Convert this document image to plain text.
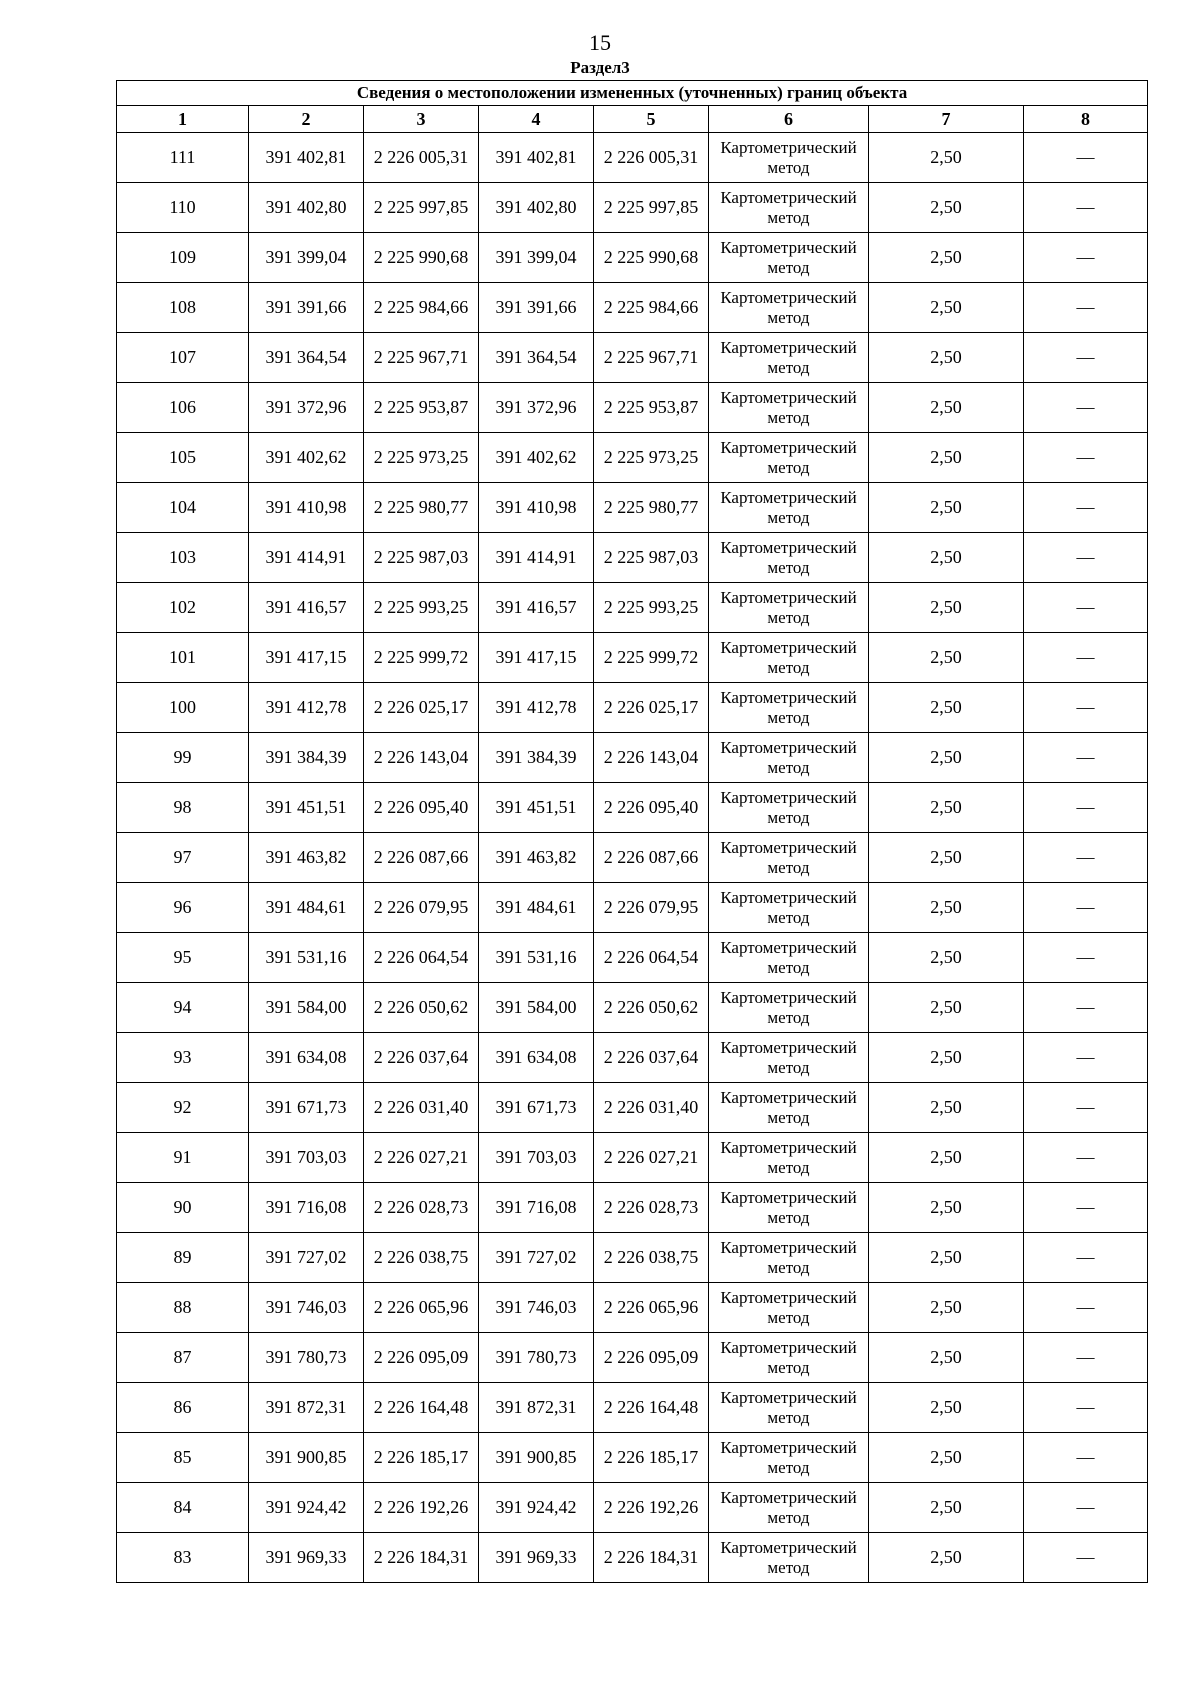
15
Раздел3
Сведения о местоположении измененных (уточненных) границ объекта							
1	2	3	4	5	6	7	8
111	391 402,81	2 226 005,31	391 402,81	2 226 005,31	Картометрический метод	2,50	—
110	391 402,80	2 225 997,85	391 402,80	2 225 997,85	Картометрический метод	2,50	—
109	391 399,04	2 225 990,68	391 399,04	2 225 990,68	Картометрический метод	2,50	—
108	391 391,66	2 225 984,66	391 391,66	2 225 984,66	Картометрический метод	2,50	—
107	391 364,54	2 225 967,71	391 364,54	2 225 967,71	Картометрический метод	2,50	—
106	391 372,96	2 225 953,87	391 372,96	2 225 953,87	Картометрический метод	2,50	—
105	391 402,62	2 225 973,25	391 402,62	2 225 973,25	Картометрический метод	2,50	—
104	391 410,98	2 225 980,77	391 410,98	2 225 980,77	Картометрический метод	2,50	—
103	391 414,91	2 225 987,03	391 414,91	2 225 987,03	Картометрический метод	2,50	—
102	391 416,57	2 225 993,25	391 416,57	2 225 993,25	Картометрический метод	2,50	—
101	391 417,15	2 225 999,72	391 417,15	2 225 999,72	Картометрический метод	2,50	—
100	391 412,78	2 226 025,17	391 412,78	2 226 025,17	Картометрический метод	2,50	—
99	391 384,39	2 226 143,04	391 384,39	2 226 143,04	Картометрический метод	2,50	—
98	391 451,51	2 226 095,40	391 451,51	2 226 095,40	Картометрический метод	2,50	—
97	391 463,82	2 226 087,66	391 463,82	2 226 087,66	Картометрический метод	2,50	—
96	391 484,61	2 226 079,95	391 484,61	2 226 079,95	Картометрический метод	2,50	—
95	391 531,16	2 226 064,54	391 531,16	2 226 064,54	Картометрический метод	2,50	—
94	391 584,00	2 226 050,62	391 584,00	2 226 050,62	Картометрический метод	2,50	—
93	391 634,08	2 226 037,64	391 634,08	2 226 037,64	Картометрический метод	2,50	—
92	391 671,73	2 226 031,40	391 671,73	2 226 031,40	Картометрический метод	2,50	—
91	391 703,03	2 226 027,21	391 703,03	2 226 027,21	Картометрический метод	2,50	—
90	391 716,08	2 226 028,73	391 716,08	2 226 028,73	Картометрический метод	2,50	—
89	391 727,02	2 226 038,75	391 727,02	2 226 038,75	Картометрический метод	2,50	—
88	391 746,03	2 226 065,96	391 746,03	2 226 065,96	Картометрический метод	2,50	—
87	391 780,73	2 226 095,09	391 780,73	2 226 095,09	Картометрический метод	2,50	—
86	391 872,31	2 226 164,48	391 872,31	2 226 164,48	Картометрический метод	2,50	—
85	391 900,85	2 226 185,17	391 900,85	2 226 185,17	Картометрический метод	2,50	—
84	391 924,42	2 226 192,26	391 924,42	2 226 192,26	Картометрический метод	2,50	—
83	391 969,33	2 226 184,31	391 969,33	2 226 184,31	Картометрический метод	2,50	—
